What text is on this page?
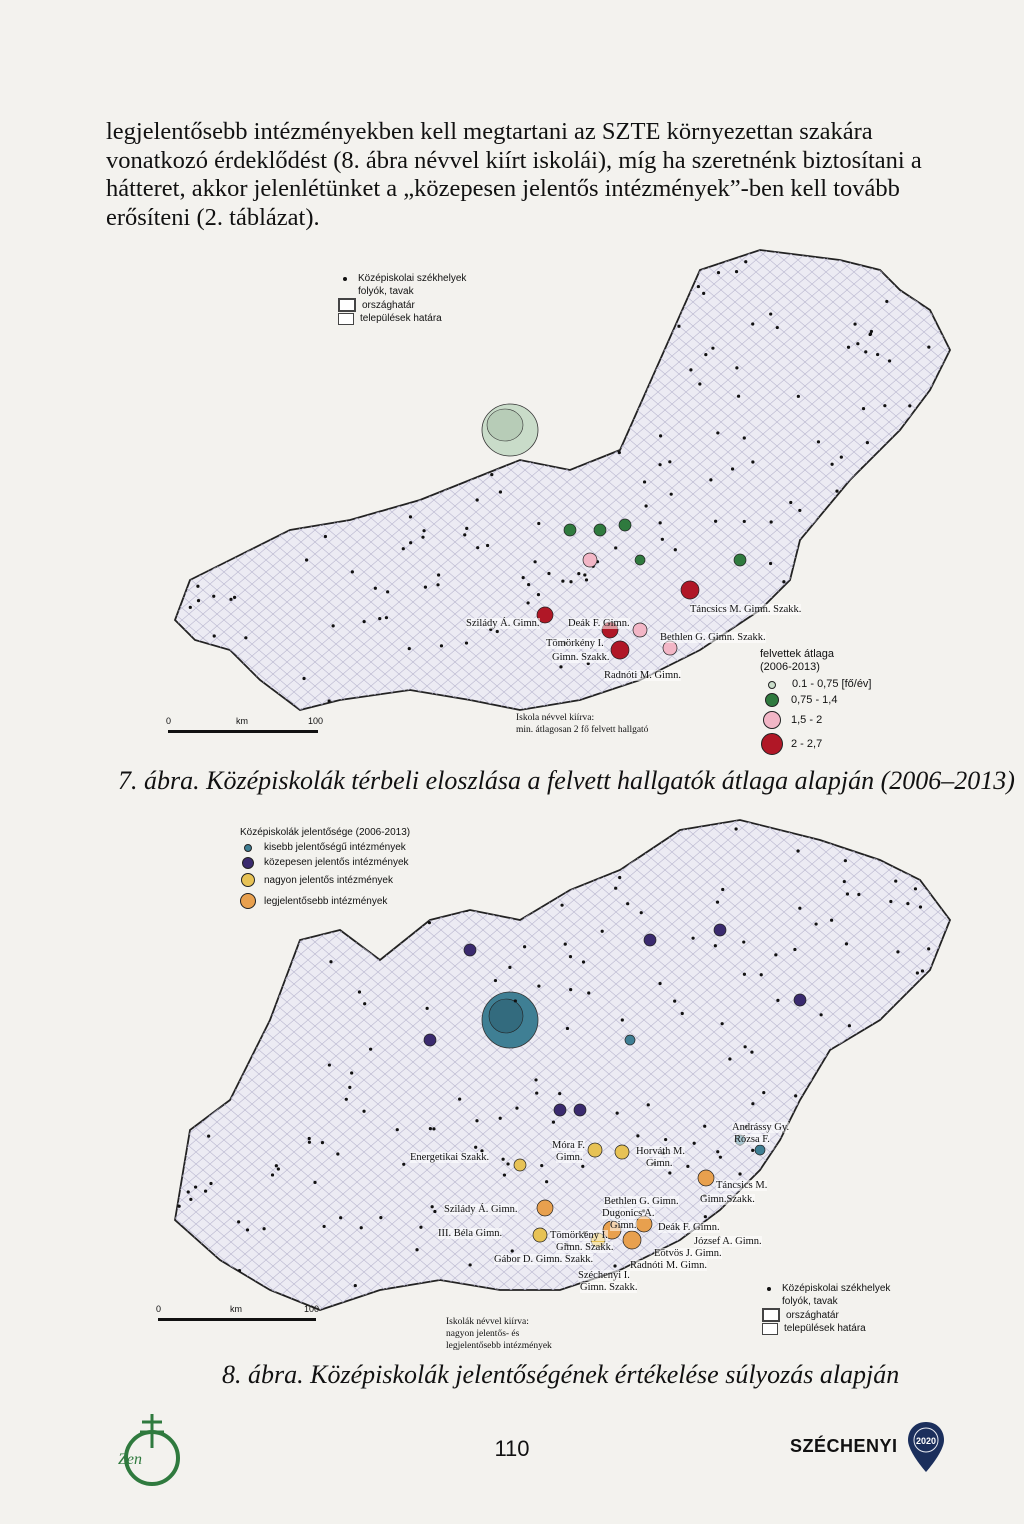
legjelentősebb intézményekben kell megtartani az SZTE környezettan szakára
vonatkozó érdeklődést (8. ábra névvel kiírt iskolái), míg ha szeretnénk biztosítani a
hátteret, akkor jelenlétünket a „közepesen jelentős intézmények”-ben kell tovább
erősíteni (2. táblázat).
Középiskolai székhelyek
folyók, tavak
országhatár
települések határa
felvettek átlaga
(2006-2013)
0.1 - 0,75 [fő/év]
0,75 - 1,4
1,5 - 2
2 - 2,7
Iskola névvel kiírva:
min. átlagosan 2 fő felvett hallgató
0	km	100
Táncsics M. Gimn. Szakk.
Szilády Á. Gimn.	Deák F. Gimn.
Bethlen G. Gimn. Szakk.
Tömörkény I.
Gimn. Szakk.
Radnóti M. Gimn.
7. ábra. Középiskolák térbeli eloszlása a felvett hallgatók átlaga alapján (2006–2013)
Középiskolák jelentősége (2006-2013)
kisebb jelentőségű intézmények
közepesen jelentős intézmények
nagyon jelentős intézmények
legjelentősebb intézmények
Középiskolai székhelyek
folyók, tavak
országhatár
települések határa
Iskolák névvel kiírva:
nagyon jelentős- és
legjelentősebb intézmények
0	km	100
Andrássy Gy.
Rózsa F.
Móra F.
Gimn.
Horváth M.
Gimn.
Energetikai Szakk.
Táncsics M.
Gimn.Szakk.
Bethlen G. Gimn.
Szilády Á. Gimn.	Dugonics A.
Gimn.
III. Béla Gimn.	Tömörkény I.
Deák F. Gimn.
Gimn. Szakk.
József A. Gimn.
Eötvös J. Gimn.
Gábor D. Gimn. Szakk.
Radnóti M. Gimn.
Széchenyi I.
Gimn. Szakk.
8. ábra. Középiskolák jelentőségének értékelése súlyozás alapján
Zen	110	SZÉCHENYI 2020
